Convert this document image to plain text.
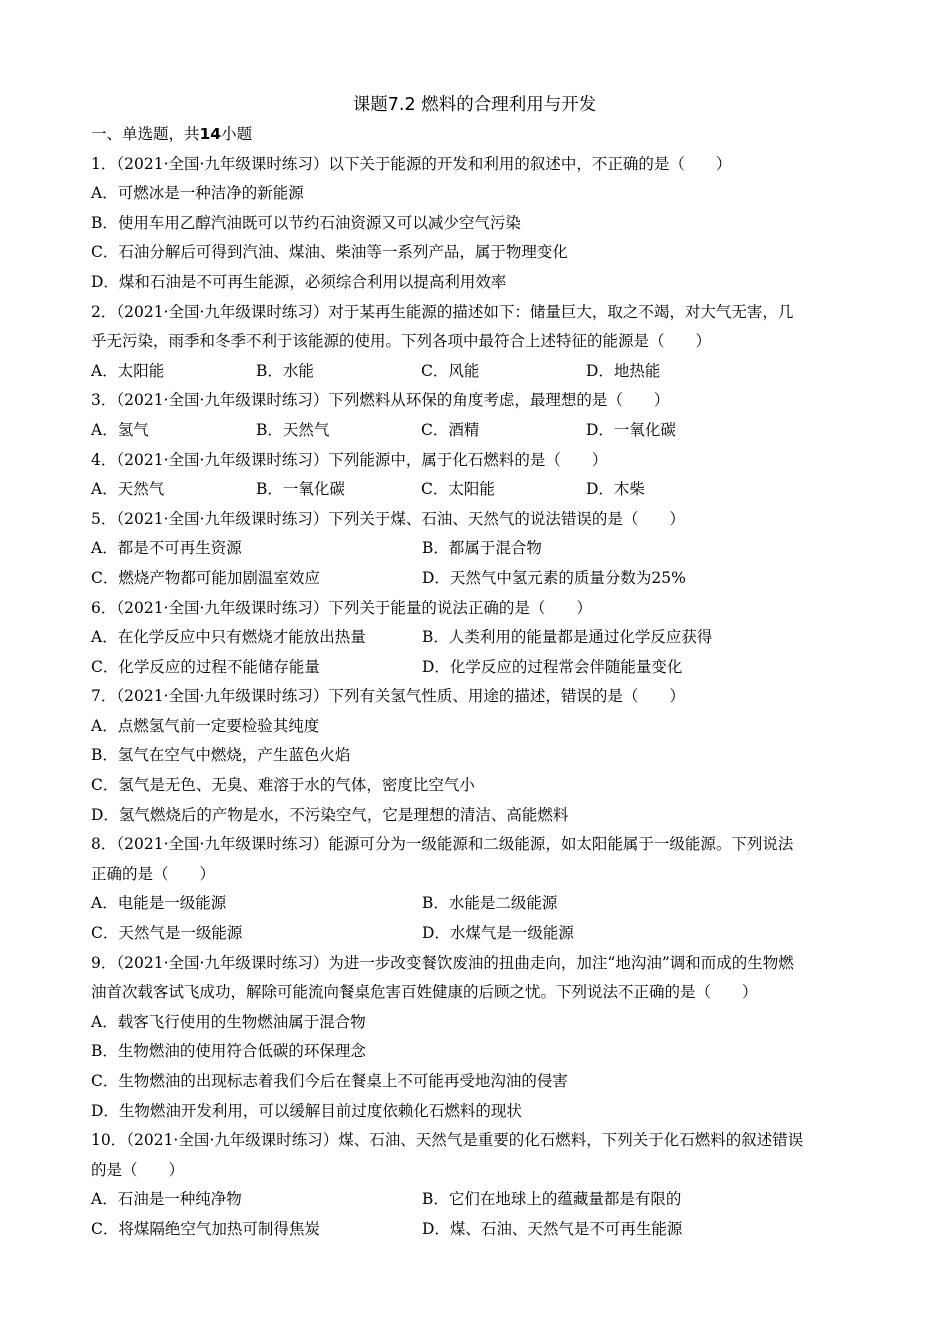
课题7.2 燃料的合理利用与开发
一、单选题，共14小题
1．（2021·全国·九年级课时练习）以下关于能源的开发和利用的叙述中，不正确的是（　　）
A．可燃冰是一种洁净的新能源
B．使用车用乙醇汽油既可以节约石油资源又可以减少空气污染
C．石油分解后可得到汽油、煤油、柴油等一系列产品，属于物理变化
D．煤和石油是不可再生能源，必须综合利用以提高利用效率
2．（2021·全国·九年级课时练习）对于某再生能源的描述如下：储量巨大，取之不竭，对大气无害，几
乎无污染，雨季和冬季不利于该能源的使用。下列各项中最符合上述特征的能源是（　　）
A．太阳能	B．水能	C．风能	D．地热能
3．（2021·全国·九年级课时练习）下列燃料从环保的角度考虑，最理想的是（　　）
A．氢气	B．天然气	C．酒精	D．一氧化碳
4．（2021·全国·九年级课时练习）下列能源中，属于化石燃料的是（　　）
A．天然气	B．一氧化碳	C．太阳能	D．木柴
5．（2021·全国·九年级课时练习）下列关于煤、石油、天然气的说法错误的是（　　）
A．都是不可再生资源	B．都属于混合物
C．燃烧产物都可能加剧温室效应	D．天然气中氢元素的质量分数为25%
6．（2021·全国·九年级课时练习）下列关于能量的说法正确的是（　　）
A．在化学反应中只有燃烧才能放出热量	B．人类利用的能量都是通过化学反应获得
C．化学反应的过程不能储存能量	D．化学反应的过程常会伴随能量变化
7．（2021·全国·九年级课时练习）下列有关氢气性质、用途的描述，错误的是（　　）
A．点燃氢气前一定要检验其纯度
B．氢气在空气中燃烧，产生蓝色火焰
C．氢气是无色、无臭、难溶于水的气体，密度比空气小
D．氢气燃烧后的产物是水，不污染空气，它是理想的清洁、高能燃料
8．（2021·全国·九年级课时练习）能源可分为一级能源和二级能源，如太阳能属于一级能源。下列说法
正确的是（　　）
A．电能是一级能源	B．水能是二级能源
C．天然气是一级能源	D．水煤气是一级能源
9．（2021·全国·九年级课时练习）为进一步改变餐饮废油的扭曲走向，加注“地沟油”调和而成的生物燃
油首次载客试飞成功，解除可能流向餐桌危害百姓健康的后顾之忧。下列说法不正确的是（　　）
A．载客飞行使用的生物燃油属于混合物
B．生物燃油的使用符合低碳的环保理念
C．生物燃油的出现标志着我们今后在餐桌上不可能再受地沟油的侵害
D．生物燃油开发利用，可以缓解目前过度依赖化石燃料的现状
10．（2021·全国·九年级课时练习）煤、石油、天然气是重要的化石燃料，下列关于化石燃料的叙述错误
的是（　　）
A．石油是一种纯净物	B．它们在地球上的蕴藏量都是有限的
C．将煤隔绝空气加热可制得焦炭	D．煤、石油、天然气是不可再生能源
